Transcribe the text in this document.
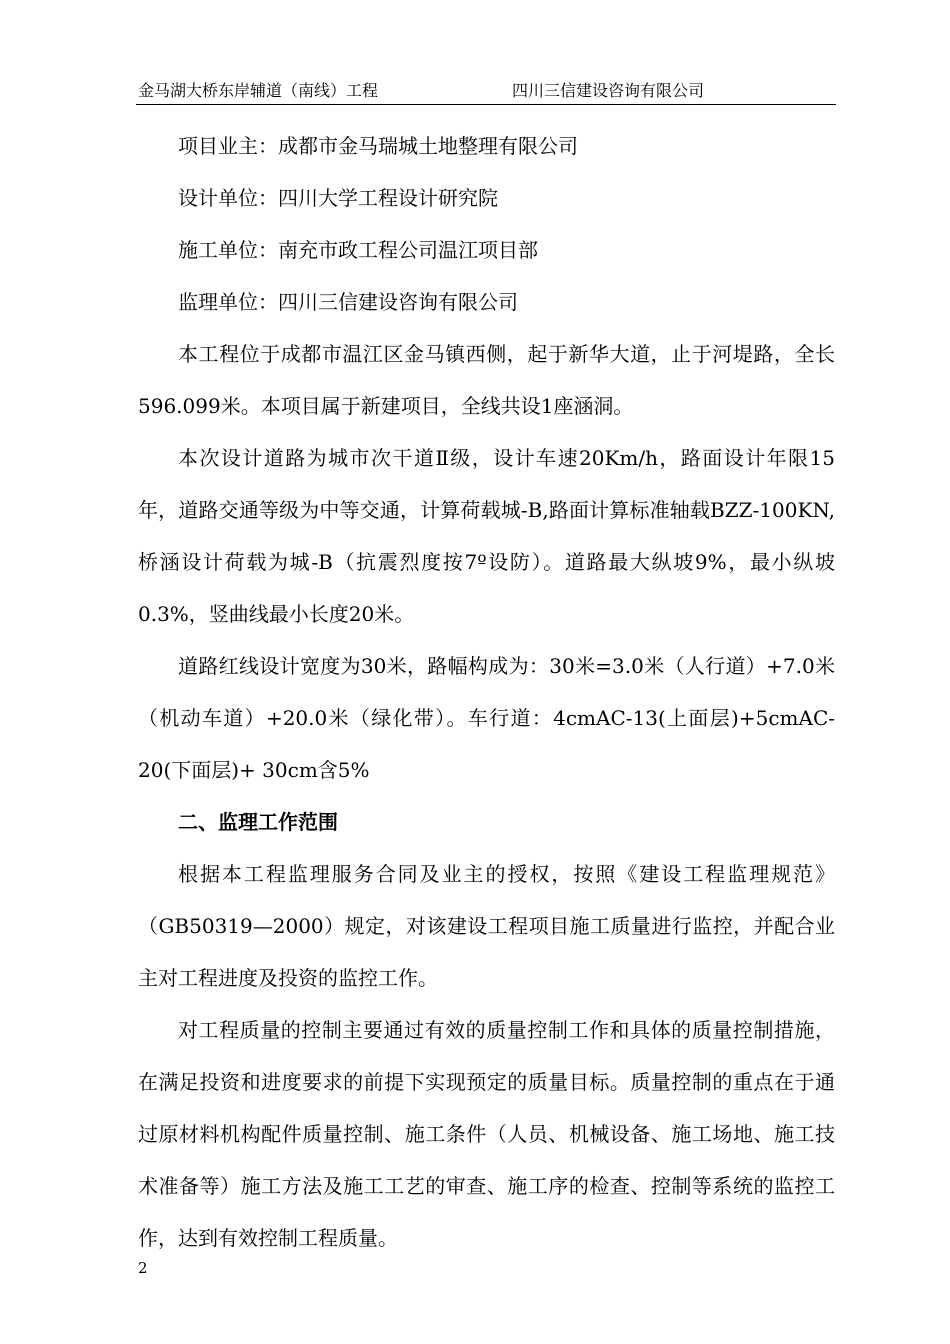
金马湖大桥东岸辅道（南线）工程	四川三信建设咨询有限公司

项目业主：成都市金马瑞城土地整理有限公司

设计单位：四川大学工程设计研究院

施工单位：南充市政工程公司温江项目部

监理单位：四川三信建设咨询有限公司

本工程位于成都市温江区金马镇西侧，起于新华大道，止于河堤路，全长596.099米。本项目属于新建项目，全线共设1座涵洞。

本次设计道路为城市次干道Ⅱ级，设计车速20Km/h，路面设计年限15年，道路交通等级为中等交通，计算荷载城-B,路面计算标准轴载BZZ-100KN,桥涵设计荷载为城-B（抗震烈度按7º设防）。道路最大纵坡9%，最小纵坡0.3%，竖曲线最小长度20米。

道路红线设计宽度为30米，路幅构成为：30米=3.0米（人行道）+7.0米（机动车道）+20.0米（绿化带）。车行道：4cmAC-13(上面层)+5cmAC-20(下面层)+ 30cm含5%

二、监理工作范围

根据本工程监理服务合同及业主的授权，按照《建设工程监理规范》（GB50319—2000）规定，对该建设工程项目施工质量进行监控，并配合业主对工程进度及投资的监控工作。

对工程质量的控制主要通过有效的质量控制工作和具体的质量控制措施，在满足投资和进度要求的前提下实现预定的质量目标。质量控制的重点在于通过原材料机构配件质量控制、施工条件（人员、机械设备、施工场地、施工技术准备等）施工方法及施工工艺的审查、施工序的检查、控制等系统的监控工作，达到有效控制工程质量。

2
